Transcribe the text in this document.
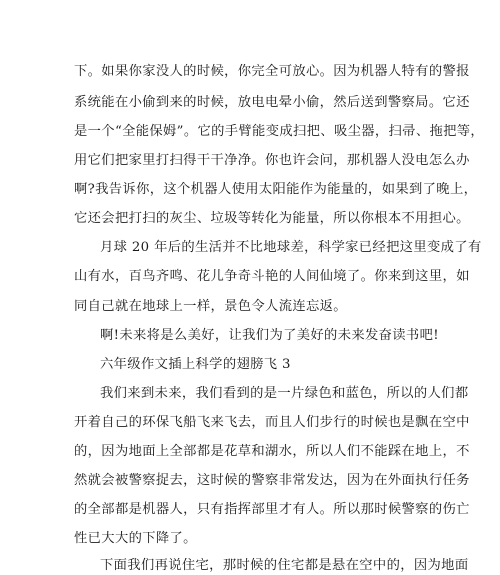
下。如果你家没人的时候，你完全可放心。因为机器人特有的警报
系统能在小偷到来的时候，放电电晕小偷，然后送到警察局。它还
是一个“全能保姆”。它的手臂能变成扫把、吸尘器，扫帚、拖把等，
用它们把家里打扫得干干净净。你也许会问，那机器人没电怎么办
啊?我告诉你，这个机器人使用太阳能作为能量的，如果到了晚上，
它还会把打扫的灰尘、垃圾等转化为能量，所以你根本不用担心。
月球 20 年后的生活并不比地球差，科学家已经把这里变成了有
山有水，百鸟齐鸣、花儿争奇斗艳的人间仙境了。你来到这里，如
同自己就在地球上一样，景色令人流连忘返。
啊!未来将是么美好，让我们为了美好的未来发奋读书吧!
六年级作文插上科学的翅膀飞 3
我们来到未来，我们看到的是一片绿色和蓝色，所以的人们都
开着自己的环保飞船飞来飞去，而且人们步行的时候也是飘在空中
的，因为地面上全部都是花草和湖水，所以人们不能踩在地上，不
然就会被警察捉去，这时候的警察非常发达，因为在外面执行任务
的全部都是机器人，只有指挥部里才有人。所以那时候警察的伤亡
性已大大的下降了。
下面我们再说住宅，那时候的住宅都是悬在空中的，因为地面
